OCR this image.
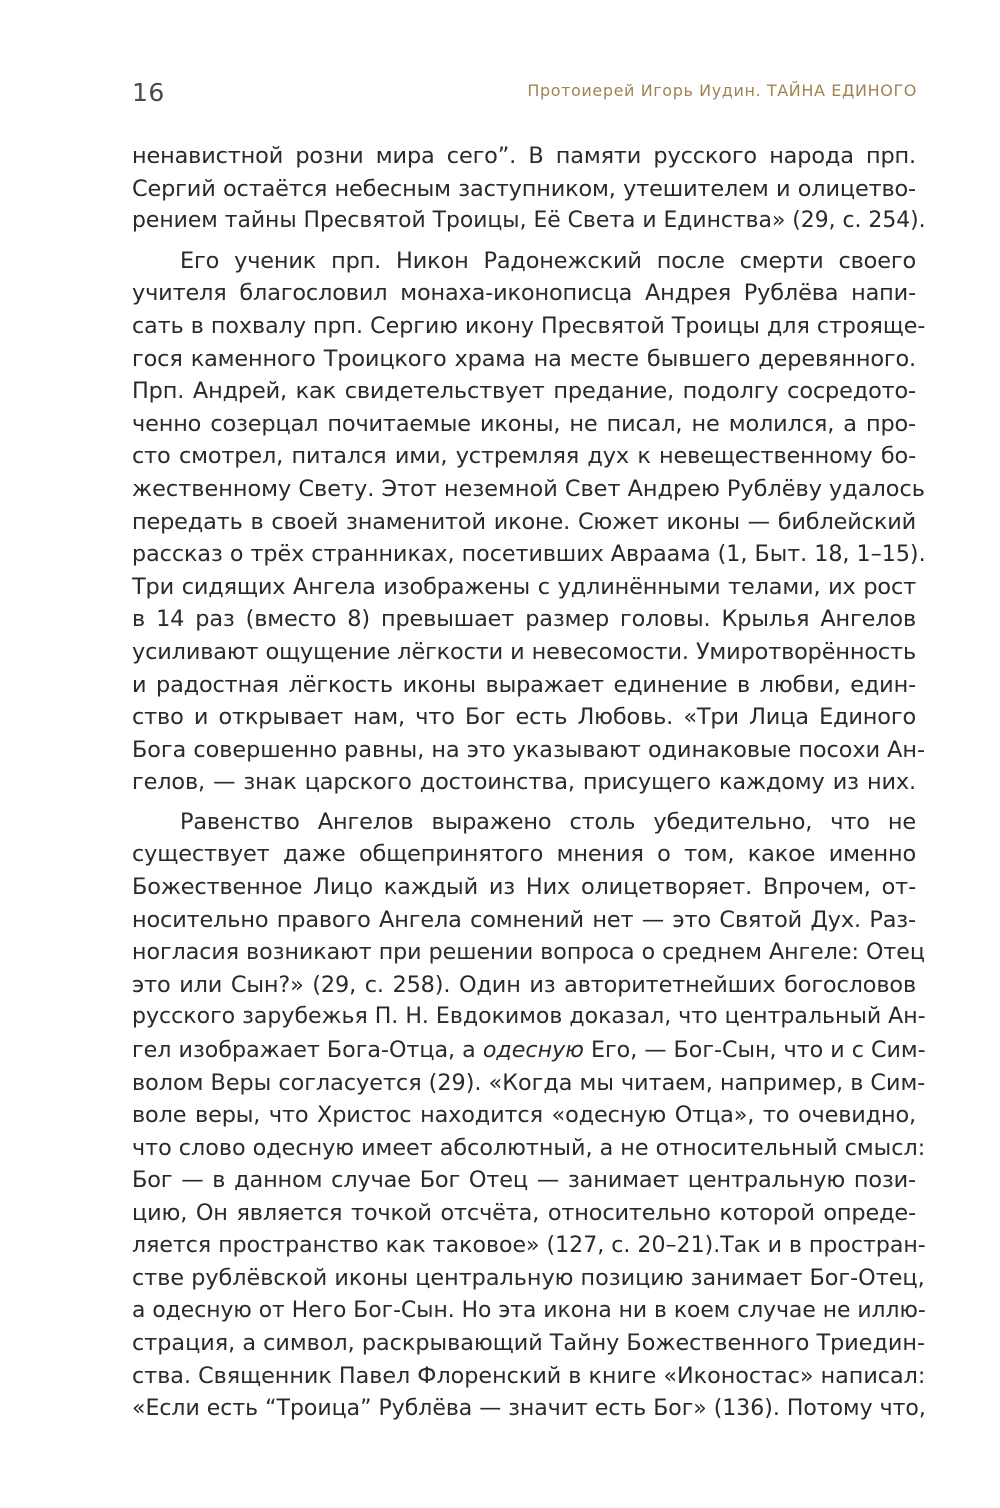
16	Протоиерей Игорь Иудин. ТАЙНА ЕДИНОГО
ненавистной розни мира сего”. В памяти русского народа прп.
Сергий остаётся небесным заступником, утешителем и олицетво-
рением тайны Пресвятой Троицы, Её Света и Единства» (29, с. 254).
Его ученик прп. Никон Радонежский после смерти своего
учителя благословил монаха-иконописца Андрея Рублёва напи-
сать в похвалу прп. Сергию икону Пресвятой Троицы для строяще-
гося каменного Троицкого храма на месте бывшего деревянного.
Прп. Андрей, как свидетельствует предание, подолгу сосредото-
ченно созерцал почитаемые иконы, не писал, не молился, а про-
сто смотрел, питался ими, устремляя дух к невещественному бо-
жественному Свету. Этот неземной Свет Андрею Рублёву удалось
передать в своей знаменитой иконе. Сюжет иконы — библейский
рассказ о трёх странниках, посетивших Авраама (1, Быт. 18, 1–15).
Три сидящих Ангела изображены с удлинёнными телами, их рост
в 14 раз (вместо 8) превышает размер головы. Крылья Ангелов
усиливают ощущение лёгкости и невесомости. Умиротворённость
и радостная лёгкость иконы выражает единение в любви, един-
ство и открывает нам, что Бог есть Любовь. «Три Лица Единого
Бога совершенно равны, на это указывают одинаковые посохи Ан-
гелов, — знак царского достоинства, присущего каждому из них.
Равенство Ангелов выражено столь убедительно, что не
существует даже общепринятого мнения о том, какое именно
Божественное Лицо каждый из Них олицетворяет. Впрочем, от-
носительно правого Ангела сомнений нет — это Святой Дух. Раз-
ногласия возникают при решении вопроса о среднем Ангеле: Отец
это или Сын?» (29, с. 258). Один из авторитетнейших богословов
русского зарубежья П. Н. Евдокимов доказал, что центральный Ан-
гел изображает Бога-Отца, а одесную Его, — Бог-Сын, что и с Сим-
волом Веры согласуется (29). «Когда мы читаем, например, в Сим-
воле веры, что Христос находится «одесную Отца», то очевидно,
что слово одесную имеет абсолютный, а не относительный смысл:
Бог — в данном случае Бог Отец — занимает центральную пози-
цию, Он является точкой отсчёта, относительно которой опреде-
ляется пространство как таковое» (127, с. 20–21).Так и в простран-
стве рублёвской иконы центральную позицию занимает Бог-Отец,
а одесную от Него Бог-Сын. Но эта икона ни в коем случае не иллю-
страция, а символ, раскрывающий Тайну Божественного Триедин-
ства. Священник Павел Флоренский в книге «Иконостас» написал:
«Если есть “Троица” Рублёва — значит есть Бог» (136). Потому что,
